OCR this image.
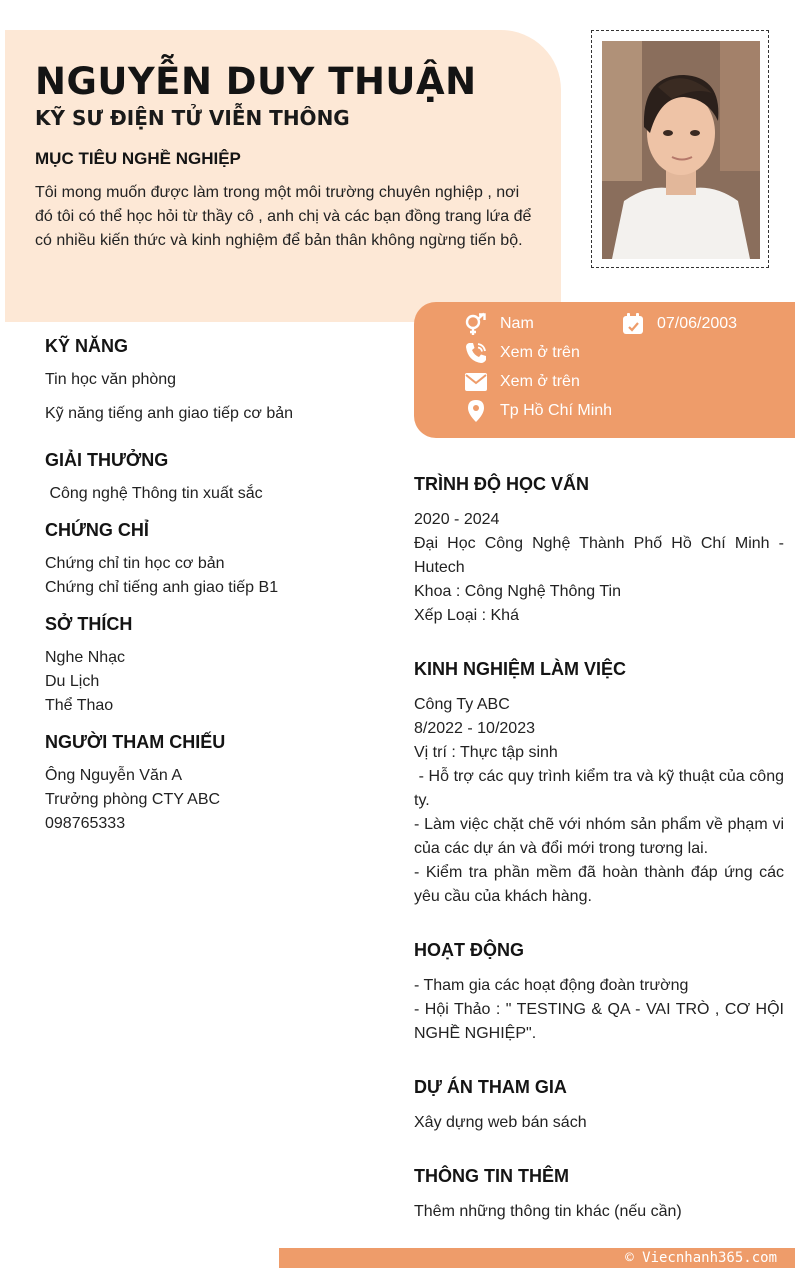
NGUYỄN DUY THUẬN
KỸ SƯ ĐIỆN TỬ VIỄN THÔNG
MỤC TIÊU NGHỀ NGHIỆP

Tôi mong muốn được làm trong một môi trường chuyên nghiệp , nơi đó tôi có thể học hỏi từ thầy cô , anh chị và các bạn đồng trang lứa để có nhiều kiến thức và kinh nghiệm để bản thân không ngừng tiến bộ.

Nam	07/06/2003
Xem ở trên
Xem ở trên
Tp Hồ Chí Minh
KỸ NĂNG

Tin học văn phòng

Kỹ năng tiếng anh giao tiếp cơ bản

GIẢI THƯỞNG

Công nghệ Thông tin xuất sắc

CHỨNG CHỈ

Chứng chỉ tin học cơ bản

Chứng chỉ tiếng anh giao tiếp B1

SỞ THÍCH

Nghe Nhạc

Du Lịch

Thể Thao

NGƯỜI THAM CHIẾU

Ông Nguyễn Văn A

Trưởng phòng CTY ABC

098765333

TRÌNH ĐỘ HỌC VẤN

2020 - 2024

Đại Học Công Nghệ Thành Phố Hồ Chí Minh - Hutech

Khoa : Công Nghệ Thông Tin

Xếp Loại : Khá

KINH NGHIỆM LÀM VIỆC

Công Ty ABC

8/2022 - 10/2023

Vị trí : Thực tập sinh

- Hỗ trợ các quy trình kiểm tra và kỹ thuật của công ty.

- Làm việc chặt chẽ với nhóm sản phẩm về phạm vi của các dự án và đổi mới trong tương lai.

- Kiểm tra phần mềm đã hoàn thành đáp ứng các yêu cầu của khách hàng.

HOẠT ĐỘNG

- Tham gia các hoạt động đoàn trường

- Hội Thảo : " TESTING & QA - VAI TRÒ , CƠ HỘI NGHỀ NGHIỆP".

DỰ ÁN THAM GIA

Xây dựng web bán sách

THÔNG TIN THÊM

Thêm những thông tin khác (nếu cần)

© Viecnhanh365.com
